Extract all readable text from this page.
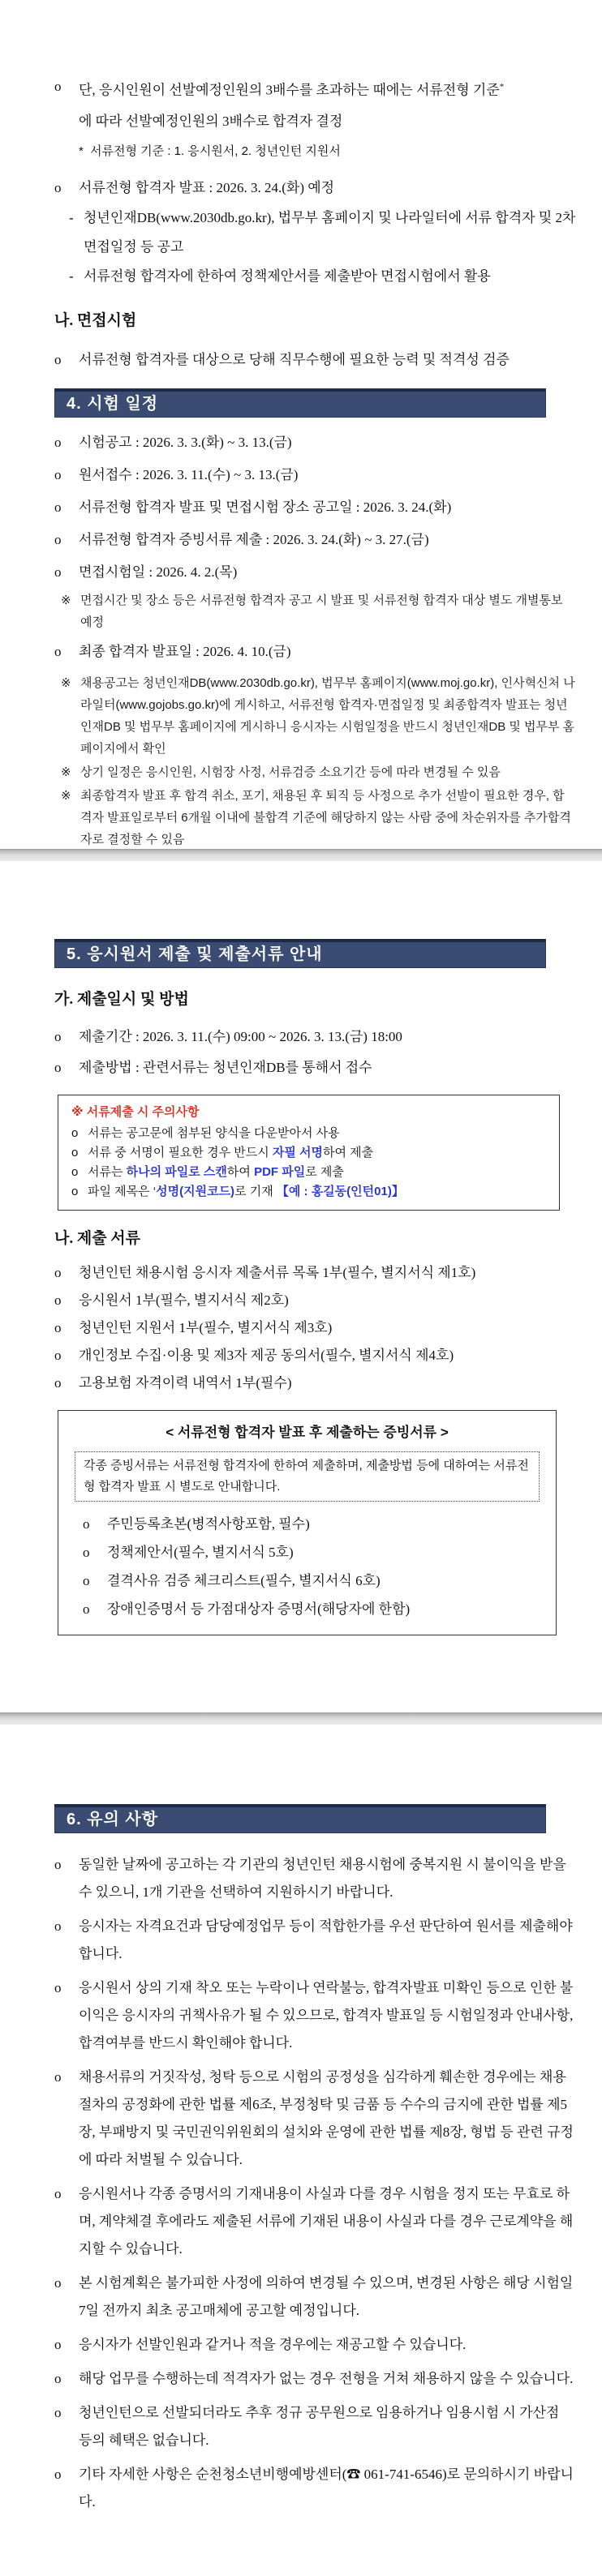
o	단, 응시인원이 선발예정인원의 3배수를 초과하는 때에는 서류전형 기준*
에 따라 선발예정인원의 3배수로 합격자 결정
* 서류전형 기준 : 1. 응시원서, 2. 청년인턴 지원서
o	서류전형 합격자 발표 : 2026. 3. 24.(화) 예정
- 청년인재DB(www.2030db.go.kr), 법무부 홈페이지 및 나라일터에 서류 합격자 및 2차 면접일정 등 공고
- 서류전형 합격자에 한하여 정책제안서를 제출받아 면접시험에서 활용
나. 면접시험
o	서류전형 합격자를 대상으로 당해 직무수행에 필요한 능력 및 적격성 검증
4. 시험 일정
o	시험공고 : 2026. 3. 3.(화) ~ 3. 13.(금)
o	원서접수 : 2026. 3. 11.(수) ~ 3. 13.(금)
o	서류전형 합격자 발표 및 면접시험 장소 공고일 : 2026. 3. 24.(화)
o	서류전형 합격자 증빙서류 제출 : 2026. 3. 24.(화) ~ 3. 27.(금)
o	면접시험일 : 2026. 4. 2.(목)
※ 면접시간 및 장소 등은 서류전형 합격자 공고 시 발표 및 서류전형 합격자 대상 별도 개별통보 예정
o	최종 합격자 발표일 : 2026. 4. 10.(금)
※ 채용공고는 청년인재DB(www.2030db.go.kr), 법무부 홈페이지(www.moj.go.kr), 인사혁신처 나라일터(www.gojobs.go.kr)에 게시하고, 서류전형 합격자·면접일정 및 최종합격자 발표는 청년인재DB 및 법무부 홈페이지에 게시하니 응시자는 시험일정을 반드시 청년인재DB 및 법무부 홈페이지에서 확인
※ 상기 일정은 응시인원, 시험장 사정, 서류검증 소요기간 등에 따라 변경될 수 있음
※ 최종합격자 발표 후 합격 취소, 포기, 채용된 후 퇴직 등 사정으로 추가 선발이 필요한 경우, 합격자 발표일로부터 6개월 이내에 불합격 기준에 해당하지 않는 사람 중에 차순위자를 추가합격자로 결정할 수 있음
5. 응시원서 제출 및 제출서류 안내
가. 제출일시 및 방법
o	제출기간 : 2026. 3. 11.(수) 09:00 ~ 2026. 3. 13.(금) 18:00
o	제출방법 : 관련서류는 청년인재DB를 통해서 접수
※ 서류제출 시 주의사항
o 서류는 공고문에 첨부된 양식을 다운받아서 사용
o 서류 중 서명이 필요한 경우 반드시 자필 서명하여 제출
o 서류는 하나의 파일로 스캔하여 PDF 파일로 제출
o 파일 제목은 ‘성명(지원코드)로 기재 【예 : 홍길동(인턴01)】
나. 제출 서류
o	청년인턴 채용시험 응시자 제출서류 목록 1부(필수, 별지서식 제1호)
o	응시원서 1부(필수, 별지서식 제2호)
o	청년인턴 지원서 1부(필수, 별지서식 제3호)
o	개인정보 수집·이용 및 제3자 제공 동의서(필수, 별지서식 제4호)
o	고용보험 자격이력 내역서 1부(필수)
< 서류전형 합격자 발표 후 제출하는 증빙서류 >
각종 증빙서류는 서류전형 합격자에 한하여 제출하며, 제출방법 등에 대하여는 서류전형 합격자 발표 시 별도로 안내합니다.
o	주민등록초본(병적사항포함, 필수)
o	정책제안서(필수, 별지서식 5호)
o	결격사유 검증 체크리스트(필수, 별지서식 6호)
o	장애인증명서 등 가점대상자 증명서(해당자에 한함)
6. 유의 사항
o	동일한 날짜에 공고하는 각 기관의 청년인턴 채용시험에 중복지원 시 불이익을 받을 수 있으니, 1개 기관을 선택하여 지원하시기 바랍니다.
o	응시자는 자격요건과 담당예정업무 등이 적합한가를 우선 판단하여 원서를 제출해야 합니다.
o	응시원서 상의 기재 착오 또는 누락이나 연락불능, 합격자발표 미확인 등으로 인한 불이익은 응시자의 귀책사유가 될 수 있으므로, 합격자 발표일 등 시험일정과 안내사항, 합격여부를 반드시 확인해야 합니다.
o	채용서류의 거짓작성, 청탁 등으로 시험의 공정성을 심각하게 훼손한 경우에는 채용절차의 공정화에 관한 법률 제6조, 부정청탁 및 금품 등 수수의 금지에 관한 법률 제5장, 부패방지 및 국민권익위원회의 설치와 운영에 관한 법률 제8장, 형법 등 관련 규정에 따라 처벌될 수 있습니다.
o	응시원서나 각종 증명서의 기재내용이 사실과 다를 경우 시험을 정지 또는 무효로 하며, 계약체결 후에라도 제출된 서류에 기재된 내용이 사실과 다를 경우 근로계약을 해지할 수 있습니다.
o	본 시험계획은 불가피한 사정에 의하여 변경될 수 있으며, 변경된 사항은 해당 시험일 7일 전까지 최초 공고매체에 공고할 예정입니다.
o	응시자가 선발인원과 같거나 적을 경우에는 재공고할 수 있습니다.
o	해당 업무를 수행하는데 적격자가 없는 경우 전형을 거쳐 채용하지 않을 수 있습니다.
o	청년인턴으로 선발되더라도 추후 정규 공무원으로 임용하거나 임용시험 시 가산점 등의 혜택은 없습니다.
o	기타 자세한 사항은 순천청소년비행예방센터(☎ 061-741-6546)로 문의하시기 바랍니다.
